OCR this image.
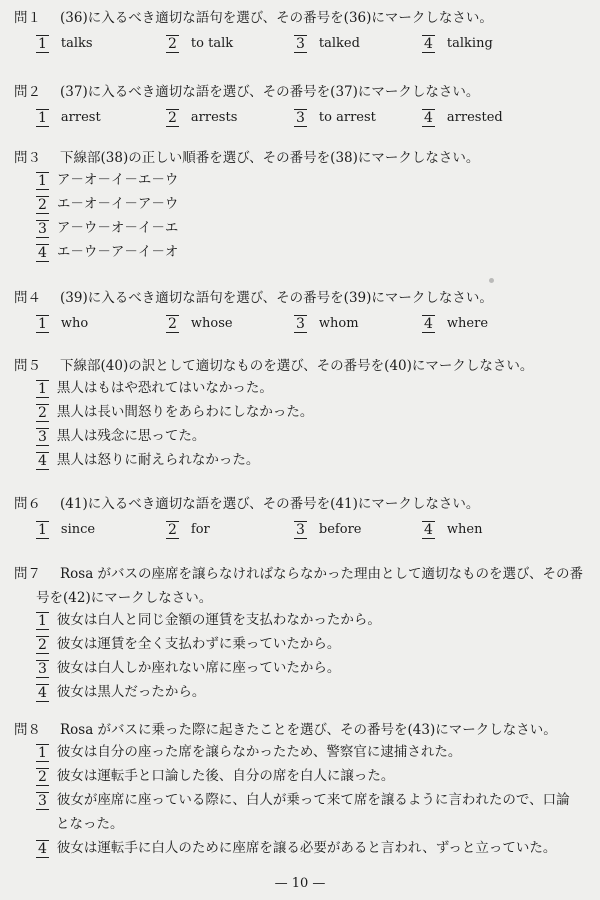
問１ (36)に入るべき適切な語句を選び、その番号を(36)にマークしなさい。
1 talks	2 to talk	3 talked	4 talking
問２ (37)に入るべき適切な語を選び、その番号を(37)にマークしなさい。
1 arrest	2 arrests	3 to arrest	4 arrested
問３ 下線部(38)の正しい順番を選び、その番号を(38)にマークしなさい。
1 ア－オ－イ－エ－ウ
2 エ－オ－イ－ア－ウ
3 ア－ウ－オ－イ－エ
4 エ－ウ－ア－イ－オ
問４ (39)に入るべき適切な語句を選び、その番号を(39)にマークしなさい。
1 who	2 whose	3 whom	4 where
問５ 下線部(40)の訳として適切なものを選び、その番号を(40)にマークしなさい。
1 黒人はもはや恐れてはいなかった。
2 黒人は長い間怒りをあらわにしなかった。
3 黒人は残念に思ってた。
4 黒人は怒りに耐えられなかった。
問６ (41)に入るべき適切な語を選び、その番号を(41)にマークしなさい。
1 since	2 for	3 before	4 when
問７ Rosa がバスの座席を譲らなければならなかった理由として適切なものを選び、その番
号を(42)にマークしなさい。
1 彼女は白人と同じ金額の運賃を支払わなかったから。
2 彼女は運賃を全く支払わずに乗っていたから。
3 彼女は白人しか座れない席に座っていたから。
4 彼女は黒人だったから。
問８ Rosa がバスに乗った際に起きたことを選び、その番号を(43)にマークしなさい。
1 彼女は自分の座った席を譲らなかったため、警察官に逮捕された。
2 彼女は運転手と口論した後、自分の席を白人に譲った。
3 彼女が座席に座っている際に、白人が乗って来て席を譲るように言われたので、口論
となった。
4 彼女は運転手に白人のために座席を譲る必要があると言われ、ずっと立っていた。
— 10 —
